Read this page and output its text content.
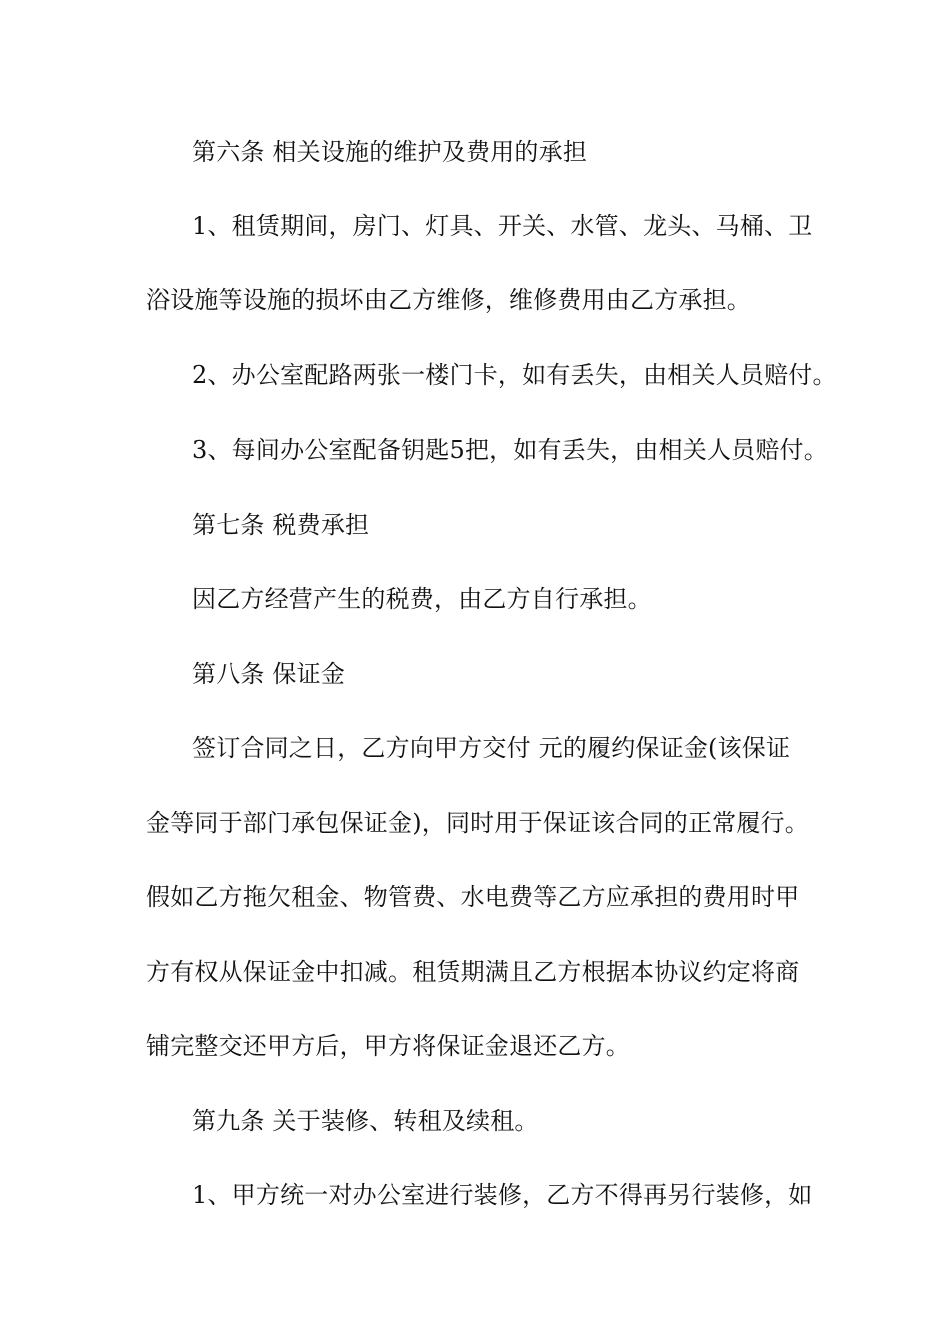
第六条 相关设施的维护及费用的承担
1、租赁期间，房门、灯具、开关、水管、龙头、马桶、卫
浴设施等设施的损坏由乙方维修，维修费用由乙方承担。
2、办公室配路两张一楼门卡，如有丢失，由相关人员赔付。
3、每间办公室配备钥匙5把，如有丢失，由相关人员赔付。
第七条 税费承担
因乙方经营产生的税费，由乙方自行承担。
第八条 保证金
签订合同之日，乙方向甲方交付 元的履约保证金(该保证
金等同于部门承包保证金)，同时用于保证该合同的正常履行。
假如乙方拖欠租金、物管费、水电费等乙方应承担的费用时甲
方有权从保证金中扣减。租赁期满且乙方根据本协议约定将商
铺完整交还甲方后，甲方将保证金退还乙方。
第九条 关于装修、转租及续租。
1、甲方统一对办公室进行装修，乙方不得再另行装修，如
